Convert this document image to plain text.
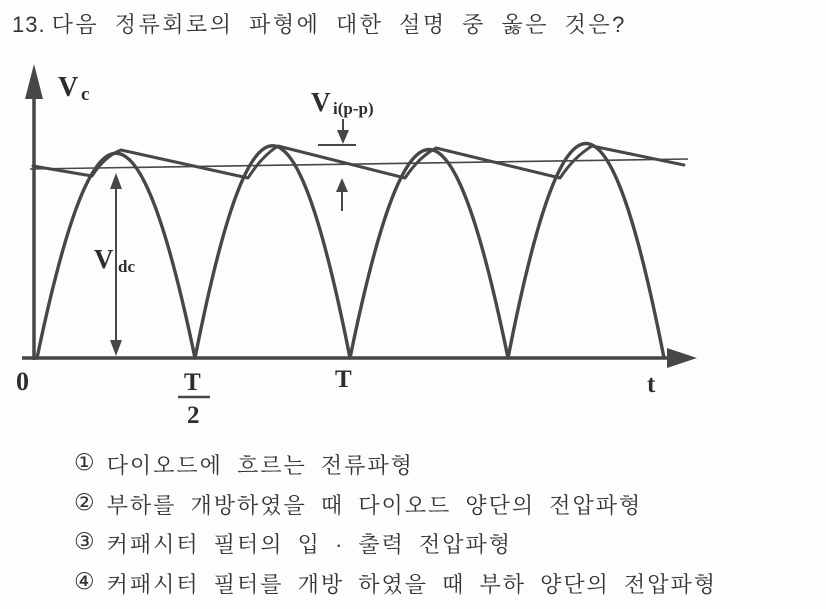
13. 다음 정류회로의 파형에 대한 설명 중 옳은 것은?
V dc
V i(p-p)
V c
0	T
2
T	t
① 다이오드에 흐르는 전류파형
② 부하를 개방하였을 때 다이오드 양단의 전압파형
③ 커패시터 필터의 입 · 출력 전압파형
④ 커패시터 필터를 개방 하였을 때 부하 양단의 전압파형
